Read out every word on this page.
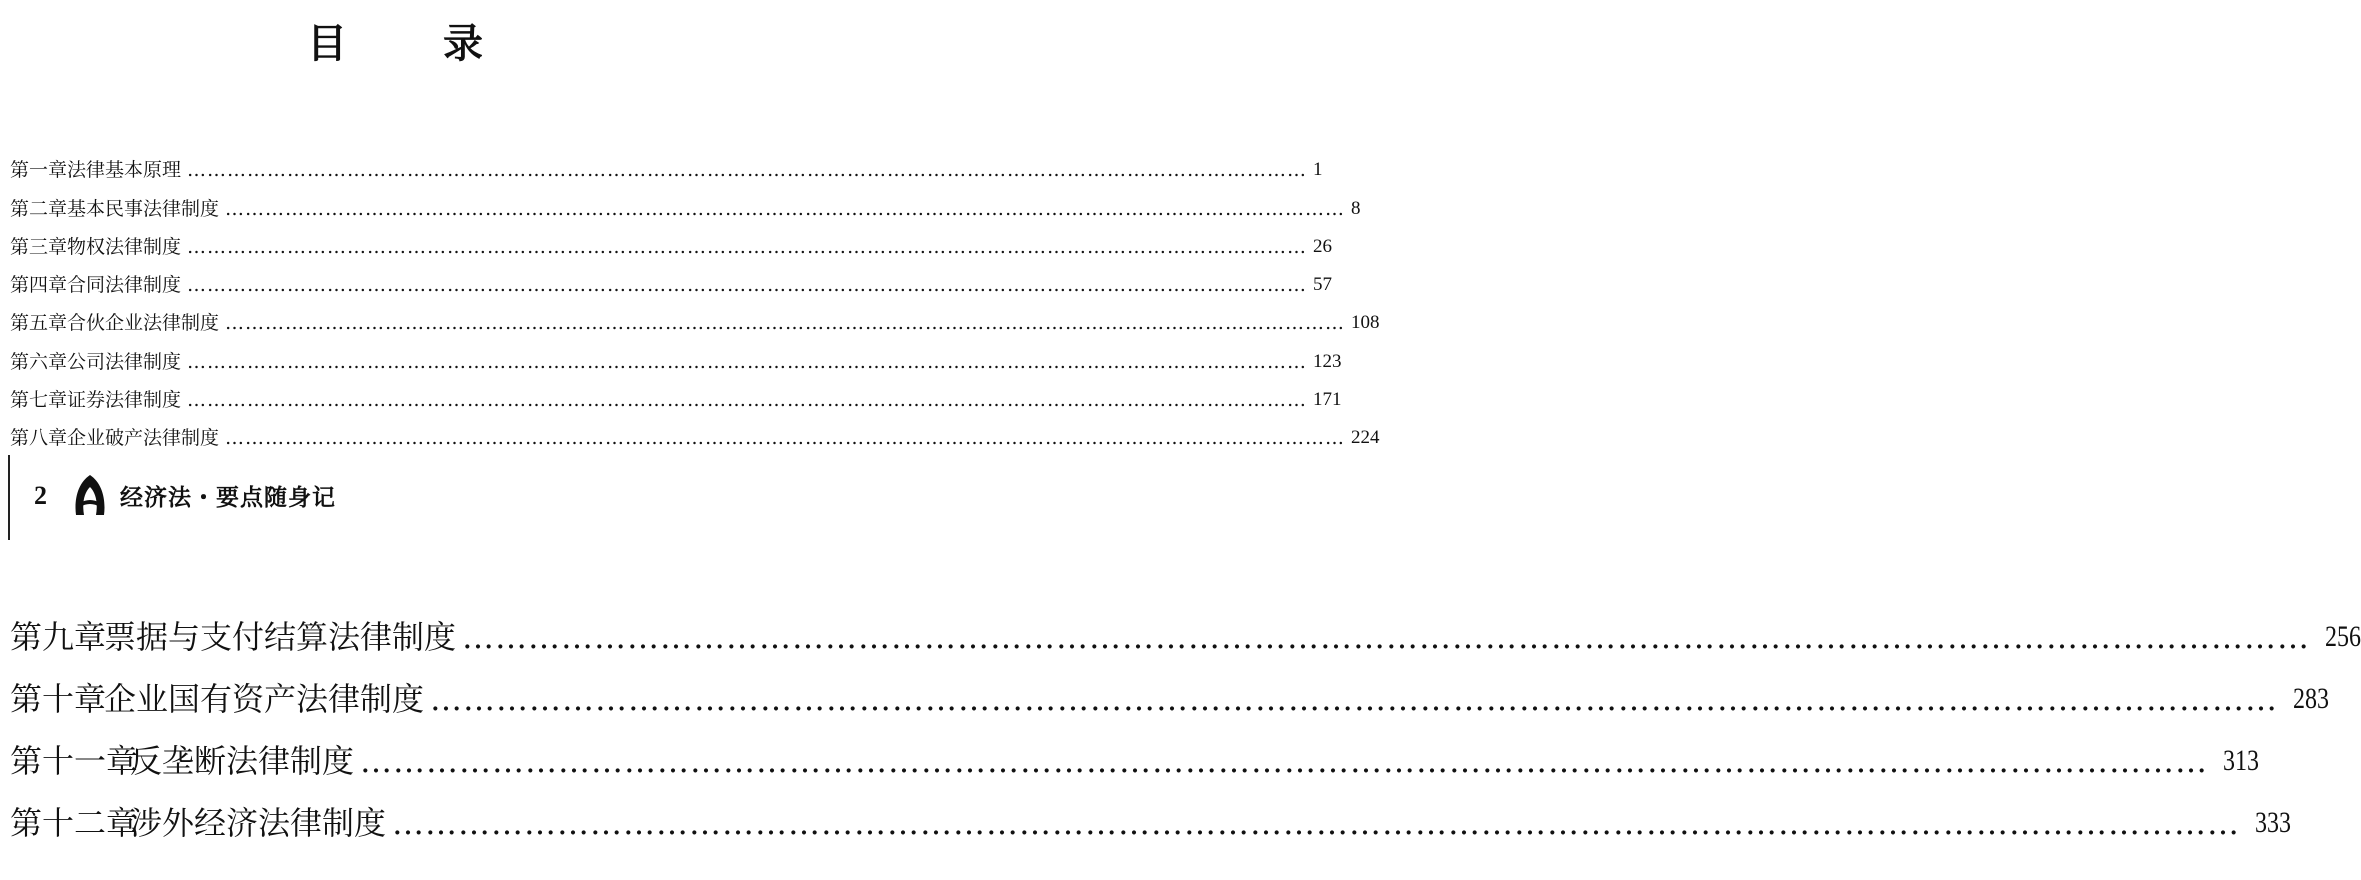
目 录
第一章 法律基本原理 …………………………………………………………………………………………………………………………………………………… 1
第二章 基本民事法律制度 …………………………………………………………………………………………………………………………………………………… 8
第三章 物权法律制度 …………………………………………………………………………………………………………………………………………………… 26
第四章 合同法律制度 …………………………………………………………………………………………………………………………………………………… 57
第五章 合伙企业法律制度 …………………………………………………………………………………………………………………………………………………… 108
第六章 公司法律制度 …………………………………………………………………………………………………………………………………………………… 123
第七章 证券法律制度 …………………………………………………………………………………………………………………………………………………… 171
第八章 企业破产法律制度 …………………………………………………………………………………………………………………………………………………… 224
2	经济法・要点随身记
第九章
票据与支付结算法律制度 …………………………………………………………………………………………………………………………………………………… 256
第十章
企业国有资产法律制度 …………………………………………………………………………………………………………………………………………………… 283
第十一章
反垄断法律制度 …………………………………………………………………………………………………………………………………………………… 313
第十二章
涉外经济法律制度 …………………………………………………………………………………………………………………………………………………… 333
